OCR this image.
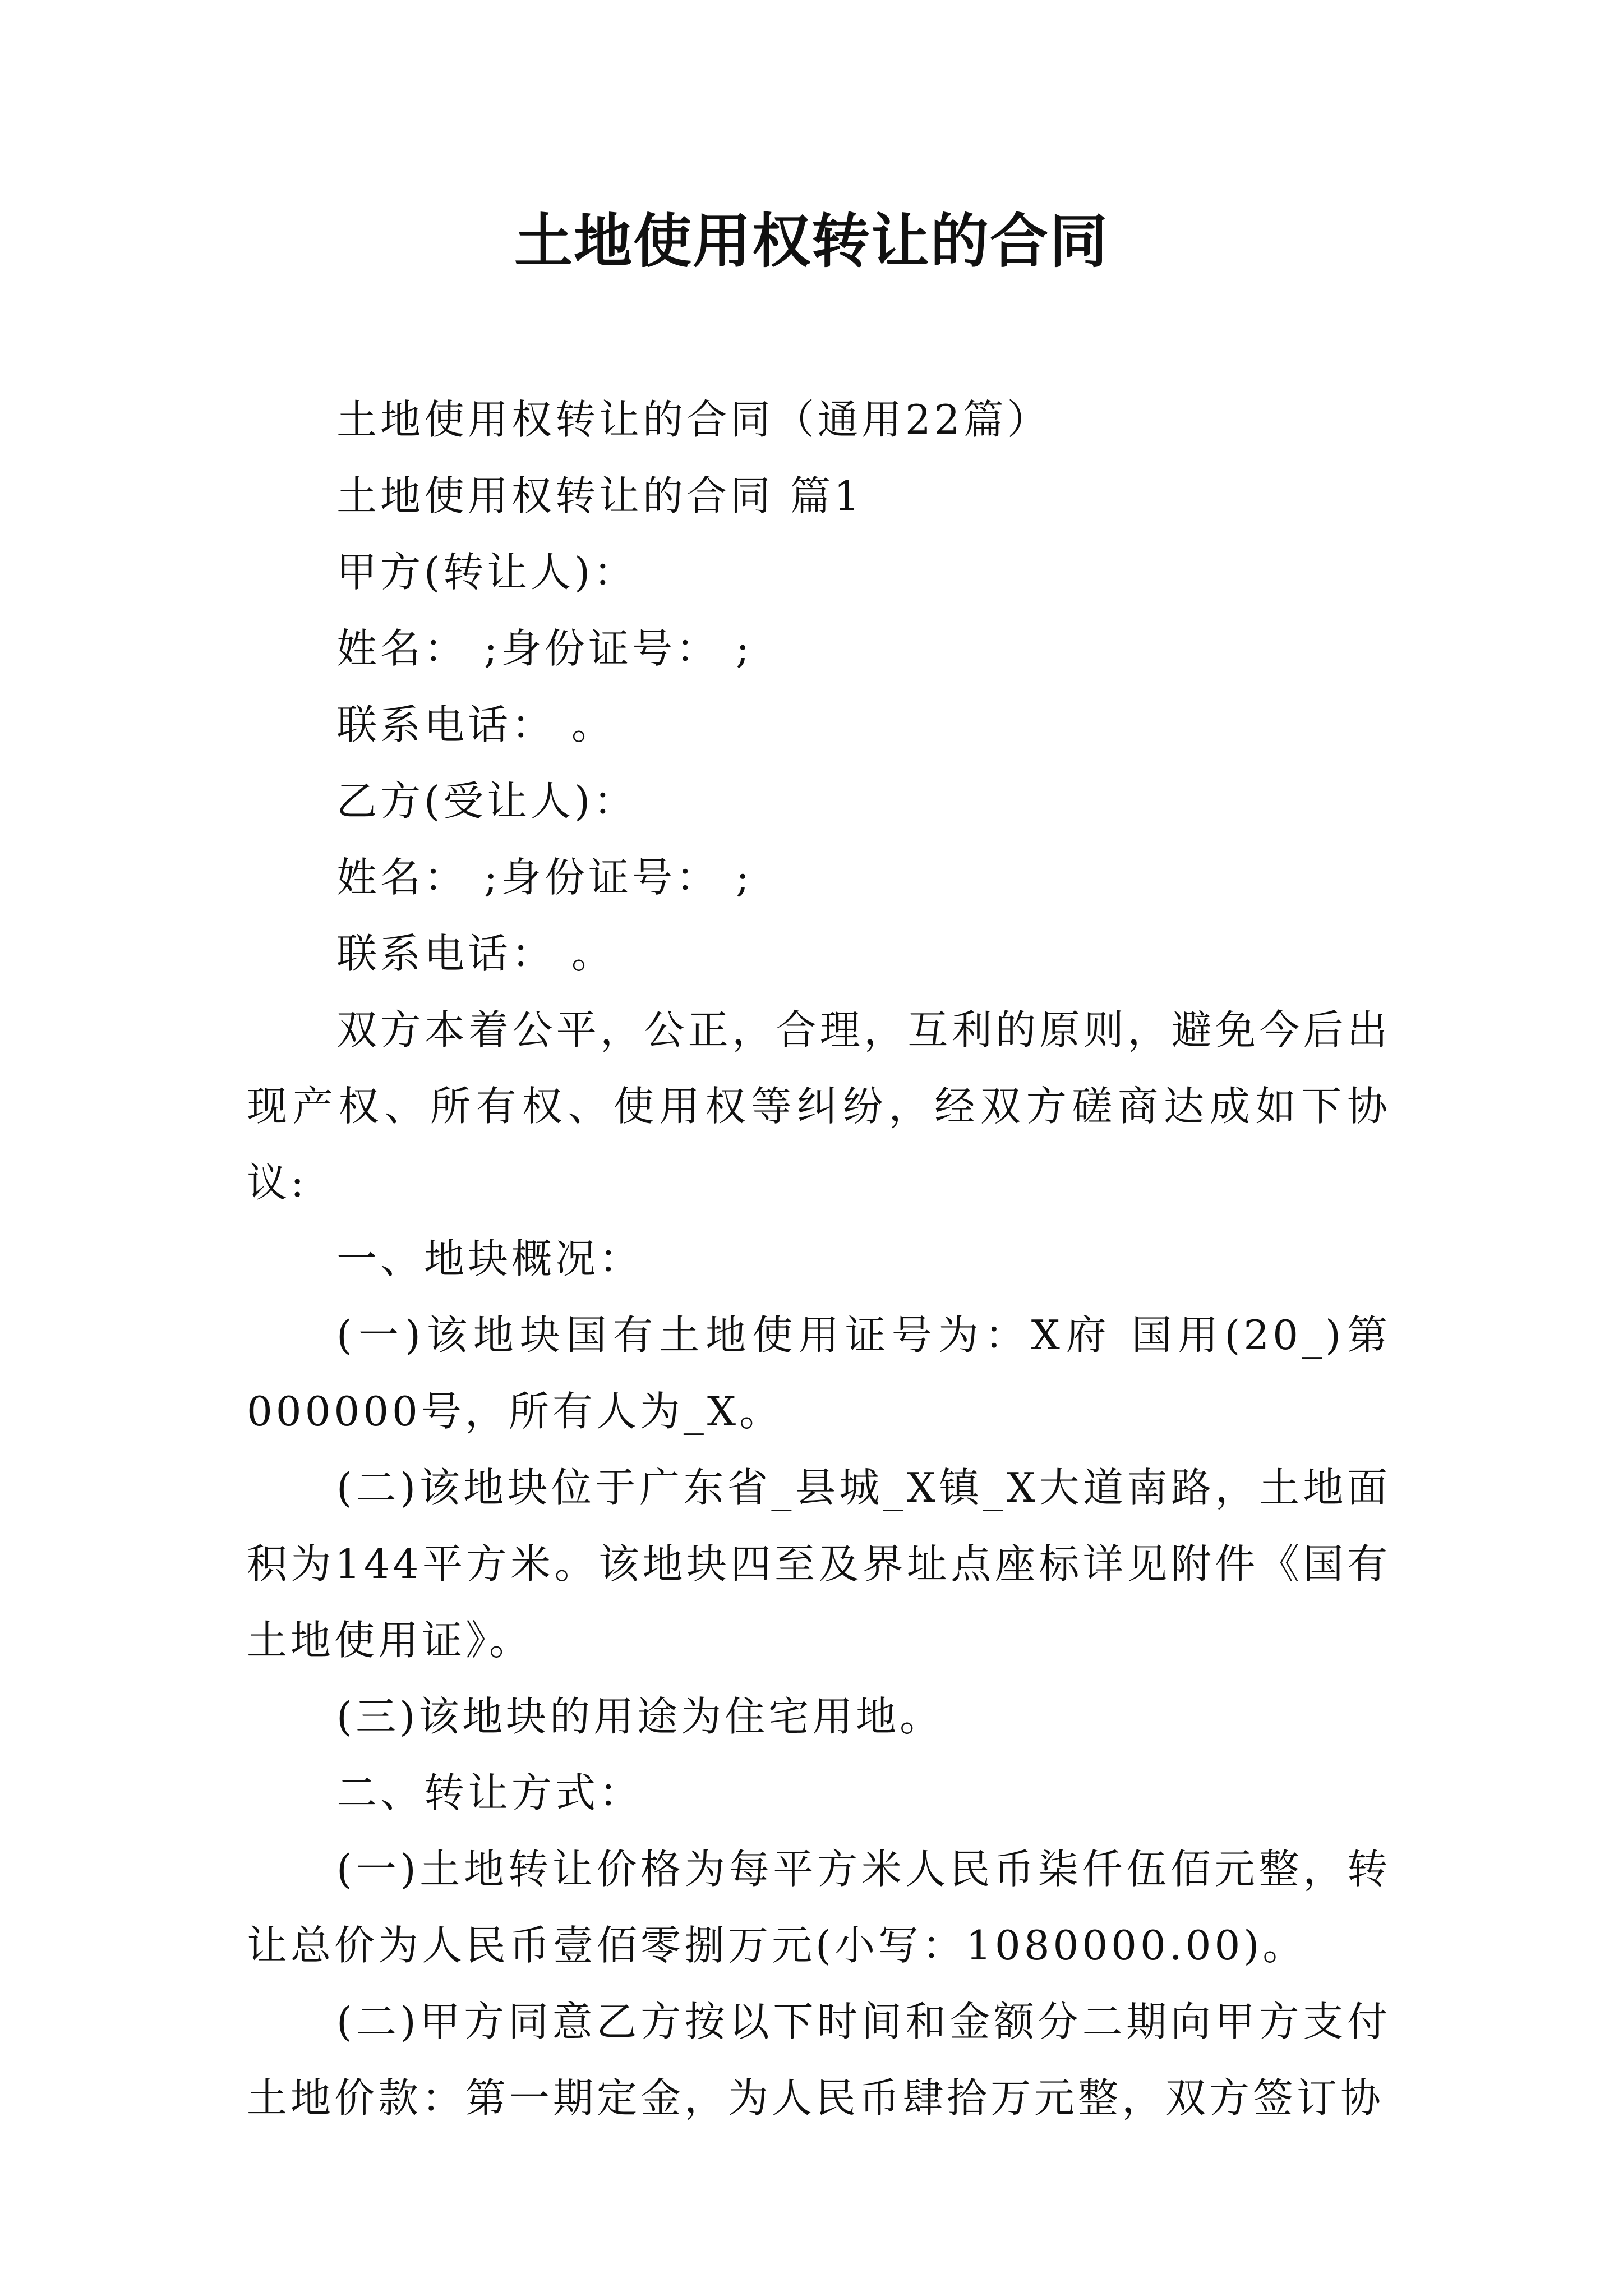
土地使用权转让的合同

土地使用权转让的合同（通用22篇）

土地使用权转让的合同 篇1

甲方(转让人)：

姓名： ;身份证号： ;

联系电话： 。

乙方(受让人)：

姓名： ;身份证号： ;

联系电话： 。

双方本着公平，公正，合理，互利的原则，避免今后出现产权、所有权、使用权等纠纷，经双方磋商达成如下协议:

一、地块概况：

(一)该地块国有土地使用证号为：X府 国用(20_)第000000号，所有人为_X。

(二)该地块位于广东省_县城_X镇_X大道南路，土地面积为144平方米。该地块四至及界址点座标详见附件《国有土地使用证》。

(三)该地块的用途为住宅用地。

二、转让方式：

(一)土地转让价格为每平方米人民币柒仟伍佰元整，转让总价为人民币壹佰零捌万元(小写：1080000.00)。

(二)甲方同意乙方按以下时间和金额分二期向甲方支付土地价款：第一期定金，为人民币肆拾万元整，双方签订协
